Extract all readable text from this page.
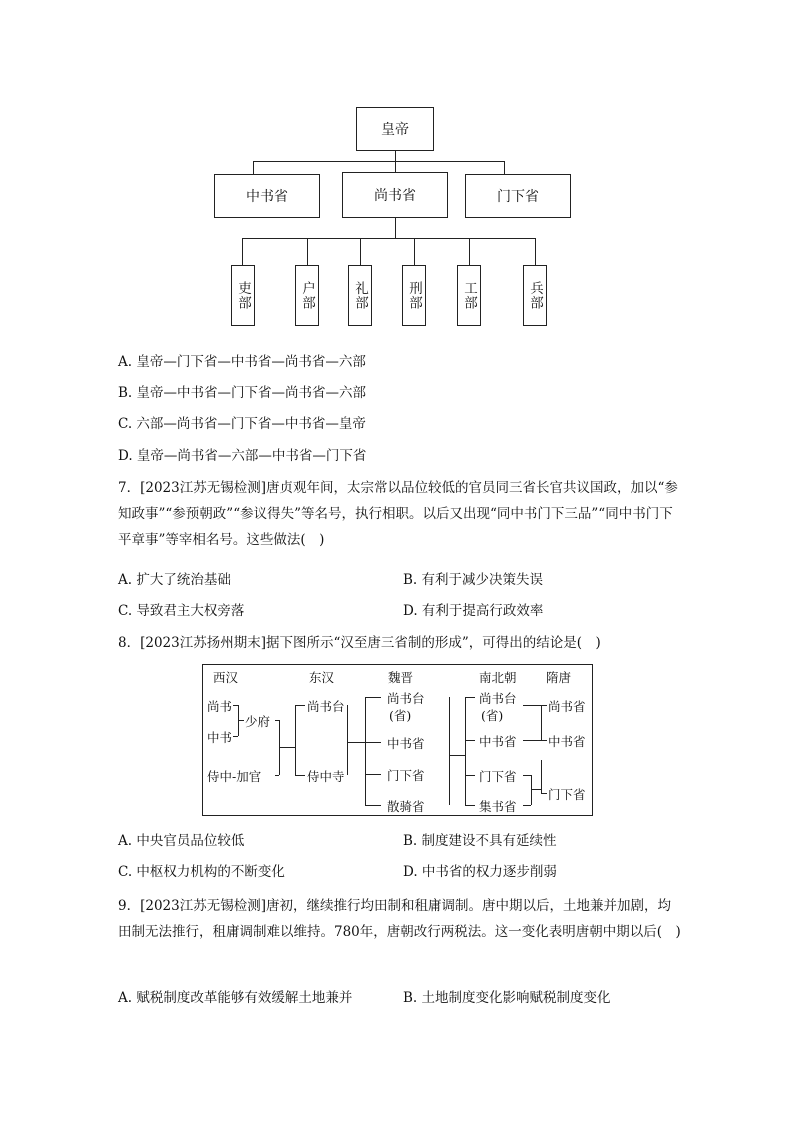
皇帝
中书省	尚书省	门下省
吏部	户部	礼部	刑部	工部	兵部
A. 皇帝—门下省—中书省—尚书省—六部
B. 皇帝—中书省—门下省—尚书省—六部
C. 六部—尚书省—门下省—中书省—皇帝
D. 皇帝—尚书省—六部—中书省—门下省
7．[2023江苏无锡检测]唐贞观年间，太宗常以品位较低的官员同三省长官共议国政，加以“参知政事”“参预朝政”“参议得失”等名号，执行相职。以后又出现“同中书门下三品”“同中书门下平章事”等宰相名号。这些做法(　)
A. 扩大了统治基础	B. 有利于减少决策失误
C. 导致君主大权旁落	D. 有利于提高行政效率
8．[2023江苏扬州期末]据下图所示“汉至唐三省制的形成”，可得出的结论是(　)
西汉	东汉	魏晋	南北朝 隋唐
尚书
中书
少府
侍中-加官
尚书台
侍中寺
尚书台
(省)
中书省
门下省
散骑省
尚书台
(省)
中书省
门下省
集书省
尚书省
中书省
门下省
A. 中央官员品位较低	B. 制度建设不具有延续性
C. 中枢权力机构的不断变化	D. 中书省的权力逐步削弱
9．[2023江苏无锡检测]唐初，继续推行均田制和租庸调制。唐中期以后，土地兼并加剧，均田制无法推行，租庸调制难以维持。780年，唐朝改行两税法。这一变化表明唐朝中期以后(　)
A. 赋税制度改革能够有效缓解土地兼并	B. 土地制度变化影响赋税制度变化
